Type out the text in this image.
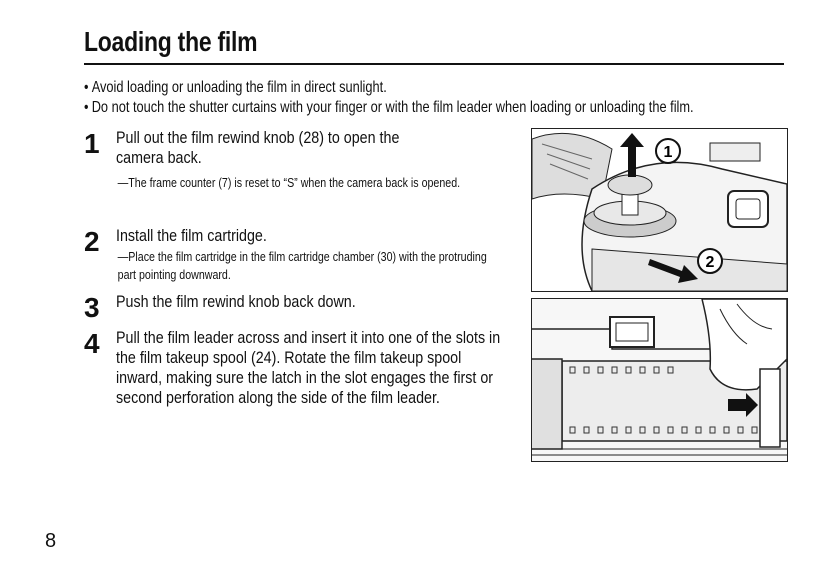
Loading the film
• Avoid loading or unloading the film in direct sunlight.
• Do not touch the shutter curtains with your finger or with the film leader when loading or unloading the film.
1 Pull out the film rewind knob (28) to open the camera back.
—The frame counter (7) is reset to “S” when the camera back is opened.
2 Install the film cartridge.
—Place the film cartridge in the film cartridge chamber (30) with the protruding part pointing downward.
3 Push the film rewind knob back down.
4 Pull the film leader across and insert it into one of the slots in the film takeup spool (24). Rotate the film takeup spool inward, making sure the latch in the slot engages the first or second perforation along the side of the film leader.
1
2
8
